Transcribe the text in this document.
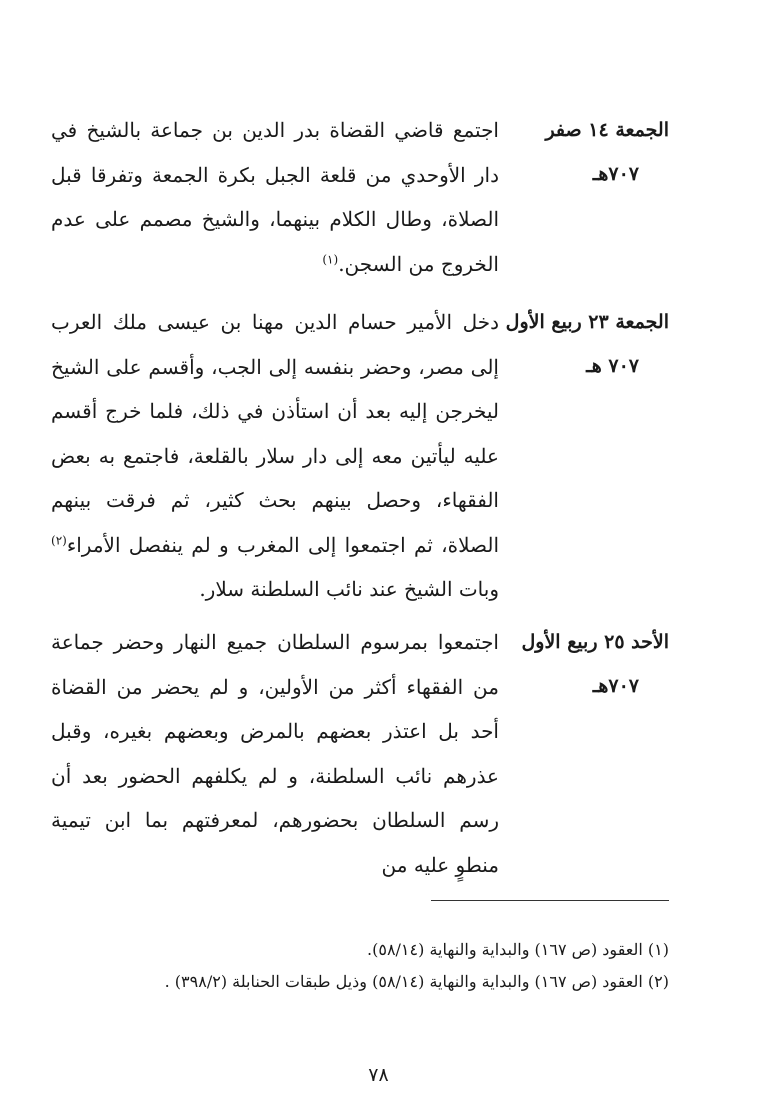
الجمعة ١٤ صفر
٧٠٧هـ
اجتمع قاضي القضاة بدر الدين بن جماعة بالشيخ في دار الأوحدي من قلعة الجبل بكرة الجمعة وتفرقا قبل الصلاة، وطال الكلام بينهما، والشيخ مصمم على عدم الخروج من السجن.$^{(١)}$
الجمعة ٢٣ ربيع الأول
٧٠٧ هـ
دخل الأمير حسام الدين مهنا بن عيسى ملك العرب إلى مصر، وحضر بنفسه إلى الجب، وأقسم على الشيخ ليخرجن إليه بعد أن استأذن في ذلك، فلما خرج أقسم عليه ليأتين معه إلى دار سلار بالقلعة، فاجتمع به بعض الفقهاء، وحصل بينهم بحث كثير، ثم فرقت بينهم الصلاة، ثم اجتمعوا إلى المغرب و لم ينفصل الأمراء$^{(٢)}$ وبات الشيخ عند نائب السلطنة سلار.
الأحد ٢٥ ربيع الأول
٧٠٧هـ
اجتمعوا بمرسوم السلطان جميع النهار وحضر جماعة من الفقهاء أكثر من الأولين، و لم يحضر من القضاة أحد بل اعتذر بعضهم بالمرض وبعضهم بغيره، وقبل عذرهم نائب السلطنة، و لم يكلفهم الحضور بعد أن رسم السلطان بحضورهم، لمعرفتهم بما ابن تيمية منطوٍ عليه من
(١) العقود (ص ١٦٧) والبداية والنهاية (٥٨/١٤).
(٢) العقود (ص ١٦٧) والبداية والنهاية (٥٨/١٤) وذيل طبقات الحنابلة (٣٩٨/٢) .
٧٨
